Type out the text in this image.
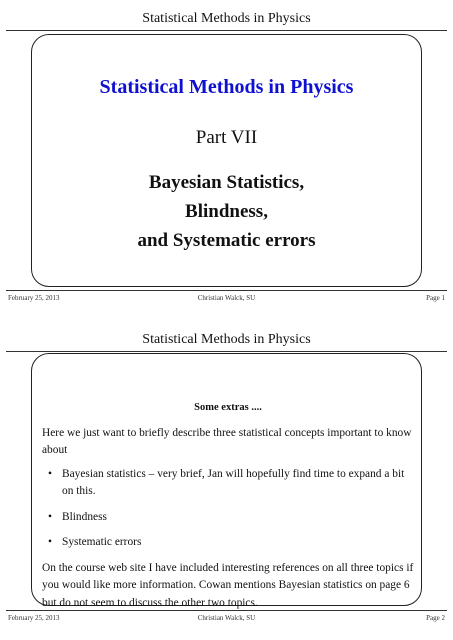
Statistical Methods in Physics
Statistical Methods in Physics
Part VII
Bayesian Statistics,
Blindness,
and Systematic errors
February 25, 2013	Christian Walck, SU	Page 1
Statistical Methods in Physics
Some extras ....

Here we just want to briefly describe three statistical concepts important to know about

• Bayesian statistics – very brief, Jan will hopefully find time to expand a bit on this.
• Blindness
• Systematic errors

On the course web site I have included interesting references on all three topics if you would like more information. Cowan mentions Bayesian statistics on page 6 but do not seem to discuss the other two topics.

February 25, 2013	Christian Walck, SU	Page 2
